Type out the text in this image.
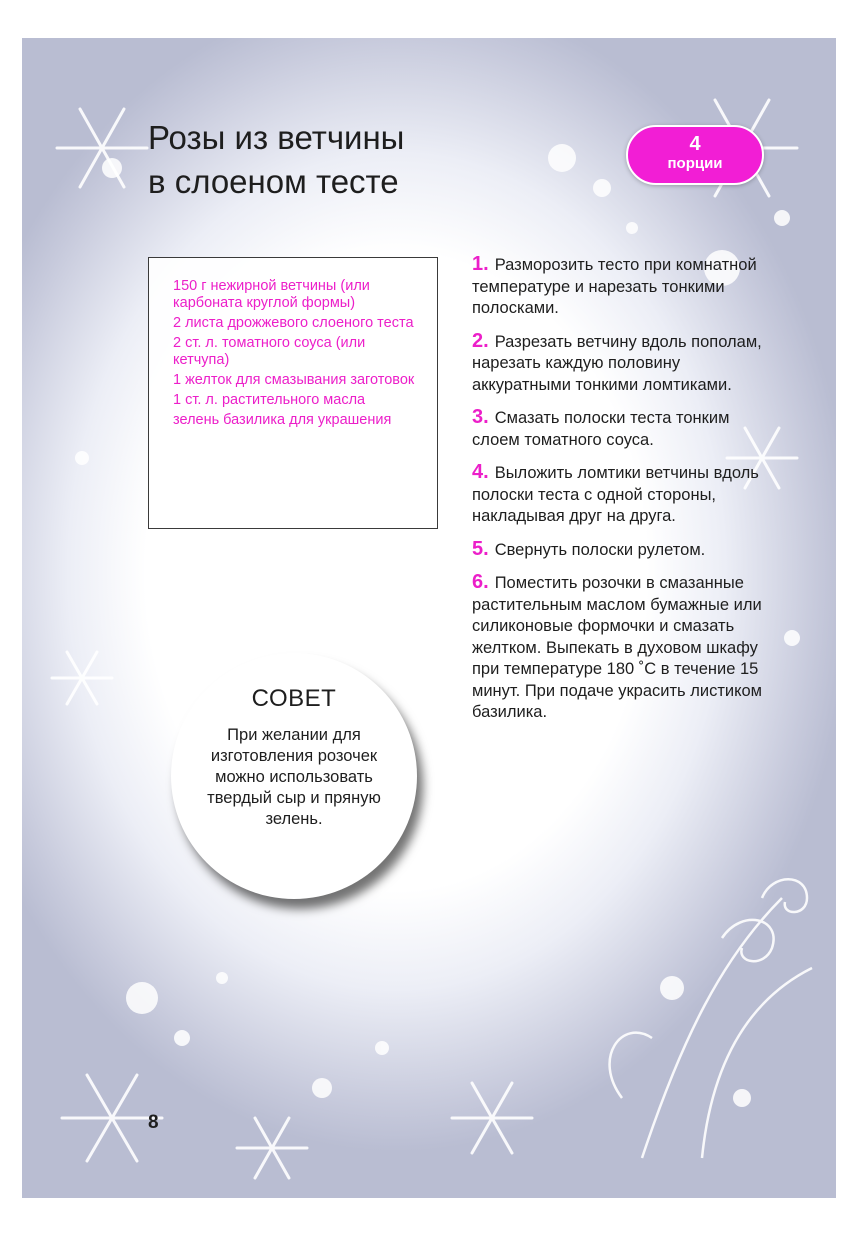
Розы из ветчины
в слоеном тесте
4
порции
150 г нежирной ветчины (или карбоната круглой формы)
2 листа дрожжевого слоеного теста
2 ст. л. томатного соуса (или кетчупа)
1 желток для смазывания заготовок
1 ст. л. растительного масла
зелень базилика для украшения
1. Разморозить тесто при комнатной температуре и нарезать тонкими полосками.
2. Разрезать ветчину вдоль пополам, нарезать каждую половину аккуратными тонкими ломтиками.
3. Смазать полоски теста тонким слоем томатного соуса.
4. Выложить ломтики ветчины вдоль полоски теста с одной стороны, накладывая друг на друга.
5. Свернуть полоски рулетом.
6. Поместить розочки в смазанные растительным маслом бумажные или силиконовые формочки и смазать желтком. Выпекать в духовом шкафу при температуре 180 ˚C в течение 15 минут. При подаче украсить листиком базилика.
СОВЕТ
При желании для изготовления розочек можно использовать твердый сыр и пряную зелень.
8
